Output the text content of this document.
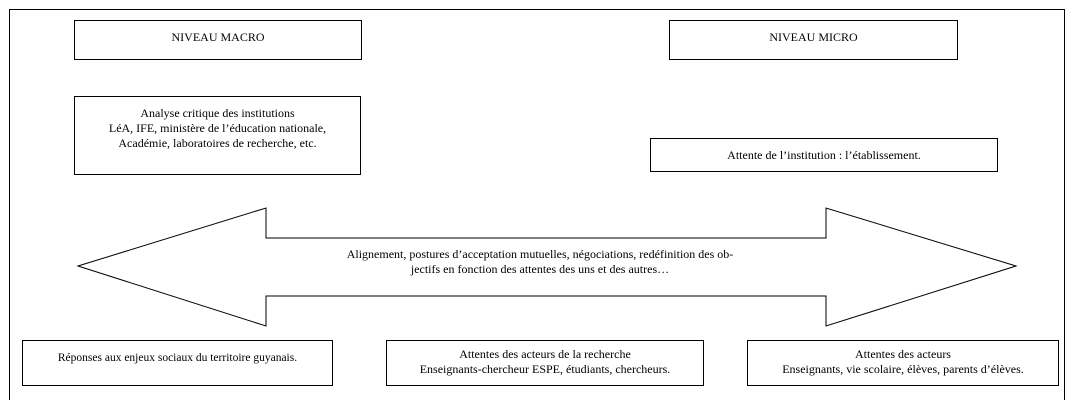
Alignement, postures d’acceptation mutuelles, négociations, redéfinition des ob-
jectifs en fonction des attentes des uns et des autres…
NIVEAU MACRO	NIVEAU MICRO
Analyse critique des institutions
LéA, IFE, ministère de l’éducation nationale,
Académie, laboratoires de recherche, etc.
Attente de l’institution : l’établissement.
Réponses aux enjeux sociaux du territoire guyanais.	Attentes des acteurs de la recherche
Enseignants-chercheur ESPE, étudiants, chercheurs.
Attentes des acteurs
Enseignants, vie scolaire, élèves, parents d’élèves.
